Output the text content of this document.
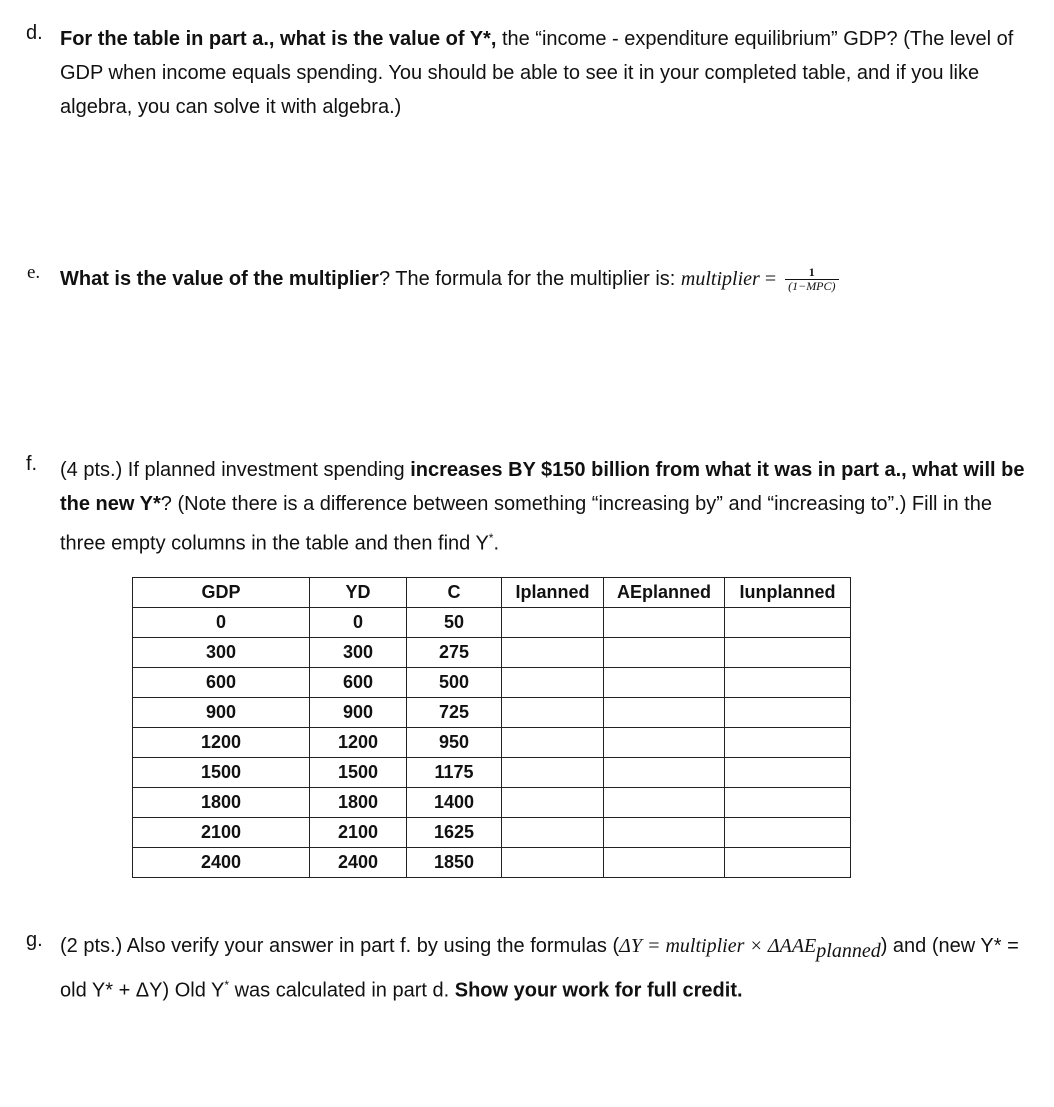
d. For the table in part a., what is the value of Y*, the “income - expenditure equilibrium” GDP? (The level of GDP when income equals spending. You should be able to see it in your completed table, and if you like algebra, you can solve it with algebra.)
e. What is the value of the multiplier? The formula for the multiplier is: multiplier = $\frac{1}{\text{(1−MPC)}}$
f. (4 pts.) If planned investment spending increases BY $150 billion from what it was in part a., what will be the new Y*? (Note there is a difference between something “increasing by” and “increasing to”.) Fill in the three empty columns in the table and then find Y*.
GDP	YD	C	Iplanned	AEplanned	Iunplanned
0	0	50			
300	300	275			
600	600	500			
900	900	725			
1200	1200	950			
1500	1500	1175			
1800	1800	1400			
2100	2100	1625			
2400	2400	1850			
g. (2 pts.) Also verify your answer in part f. by using the formulas (ΔY = multiplier × $\Delta AAE_{planned}$) and (new Y* = old Y* + ΔY) Old Y* was calculated in part d. Show your work for full credit.
